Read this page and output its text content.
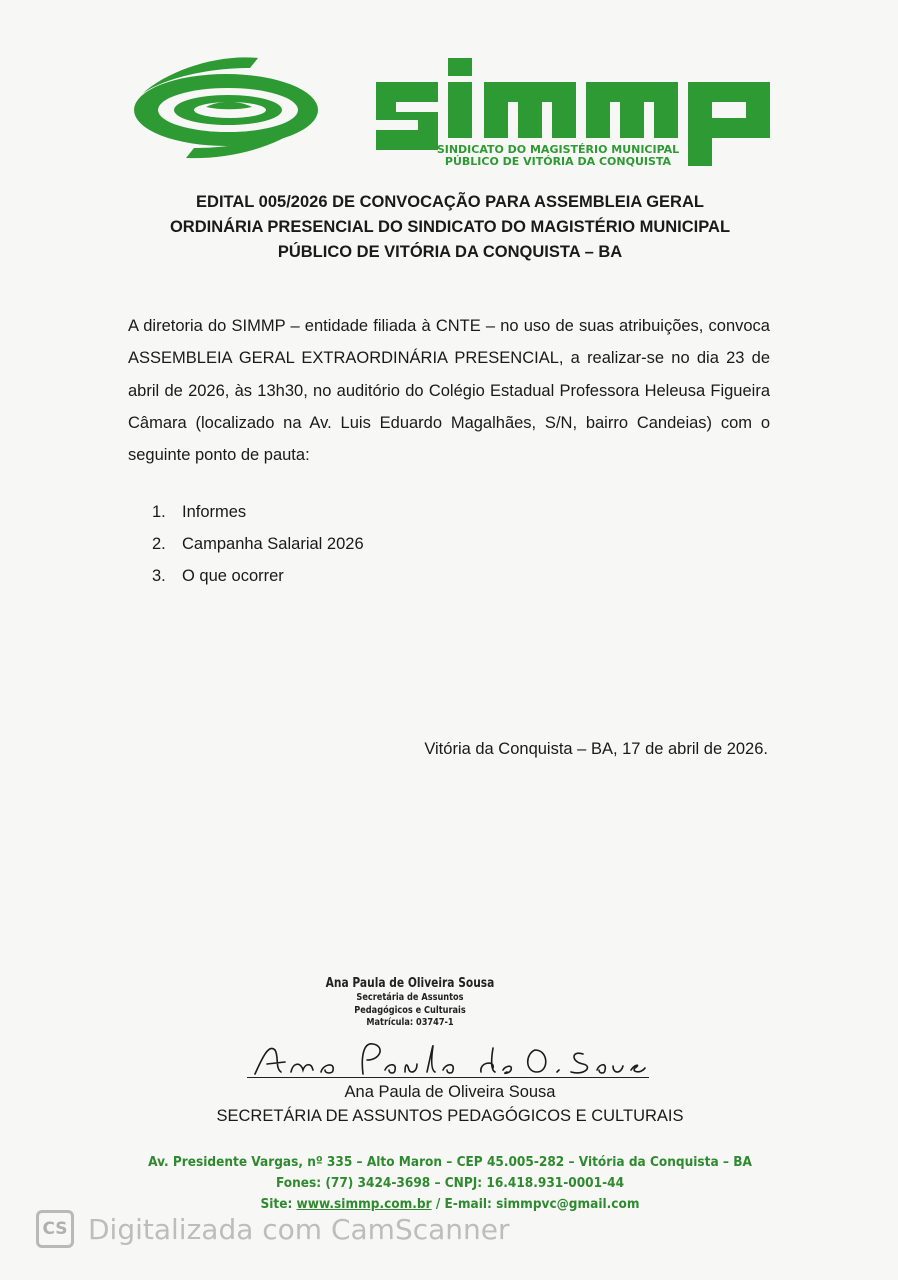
SINDICATO DO MAGISTÉRIO MUNICIPAL
PÚBLICO DE VITÓRIA DA CONQUISTA
EDITAL 005/2026 DE CONVOCAÇÃO PARA ASSEMBLEIA GERAL
ORDINÁRIA PRESENCIAL DO SINDICATO DO MAGISTÉRIO MUNICIPAL
PÚBLICO DE VITÓRIA DA CONQUISTA – BA
A diretoria do SIMMP – entidade filiada à CNTE – no uso de suas atribuições, convoca ASSEMBLEIA GERAL EXTRAORDINÁRIA PRESENCIAL, a realizar-se no dia 23 de abril de 2026, às 13h30, no auditório do Colégio Estadual Professora Heleusa Figueira Câmara (localizado na Av. Luis Eduardo Magalhães, S/N, bairro Candeias) com o seguinte ponto de pauta:
1. Informes
2. Campanha Salarial 2026
3. O que ocorrer
Vitória da Conquista – BA, 17 de abril de 2026.
Ana Paula de Oliveira Sousa
Secretária de Assuntos
Pedagógicos e Culturais
Matrícula: 03747-1
Ana Paula de Oliveira Sousa
SECRETÁRIA DE ASSUNTOS PEDAGÓGICOS E CULTURAIS
Av. Presidente Vargas, nº 335 – Alto Maron – CEP 45.005-282 – Vitória da Conquista – BA
Fones: (77) 3424-3698 – CNPJ: 16.418.931-0001-44
Site: www.simmp.com.br / E-mail: simmpvc@gmail.com
CS Digitalizada com CamScanner
